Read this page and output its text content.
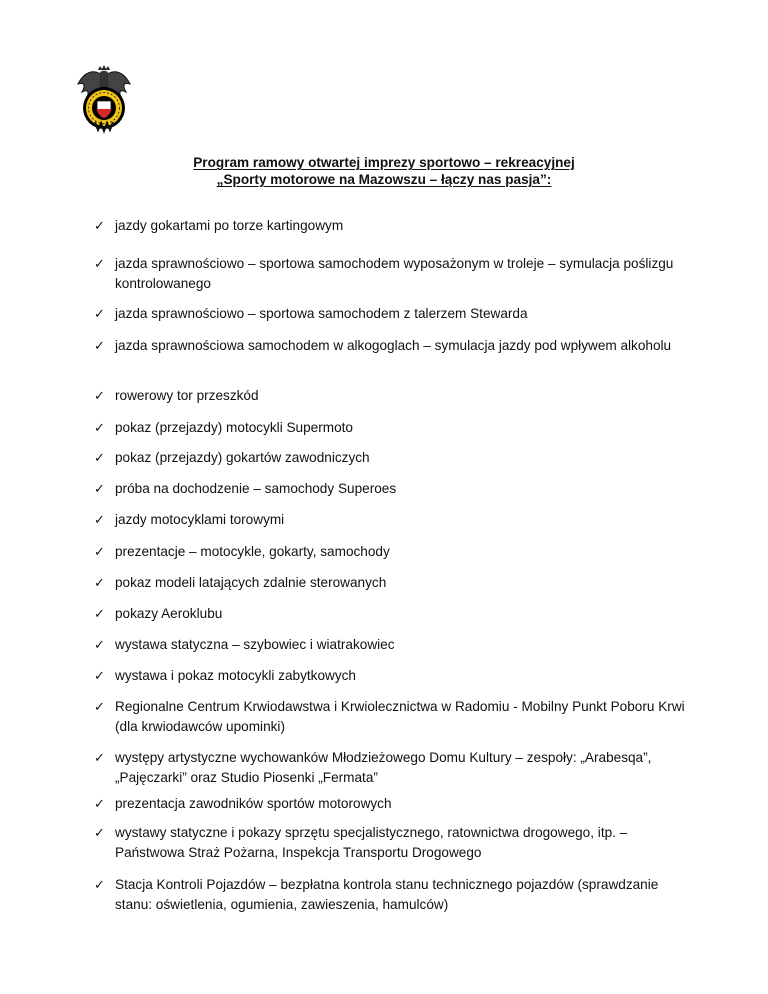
Program ramowy otwartej imprezy sportowo – rekreacyjnej
„Sporty motorowe na Mazowszu – łączy nas pasja”:
✓ jazdy gokartami po torze kartingowym
✓ jazda sprawnościowo – sportowa samochodem wyposażonym w troleje – symulacja poślizgu kontrolowanego
✓ jazda sprawnościowo – sportowa samochodem z talerzem Stewarda
✓ jazda sprawnościowa samochodem w alkogoglach – symulacja jazdy pod wpływem alkoholu
✓ rowerowy tor przeszkód
✓ pokaz (przejazdy) motocykli Supermoto
✓ pokaz (przejazdy) gokartów zawodniczych
✓ próba na dochodzenie – samochody Superoes
✓ jazdy motocyklami torowymi
✓ prezentacje – motocykle, gokarty, samochody
✓ pokaz modeli latających zdalnie sterowanych
✓ pokazy Aeroklubu
✓ wystawa statyczna – szybowiec i wiatrakowiec
✓ wystawa i pokaz motocykli zabytkowych
✓ Regionalne Centrum Krwiodawstwa i Krwiolecznictwa w Radomiu - Mobilny Punkt Poboru Krwi (dla krwiodawców upominki)
✓ występy artystyczne wychowanków Młodzieżowego Domu Kultury – zespoły: „Arabesqa”, „Pajęczarki” oraz Studio Piosenki „Fermata”
✓ prezentacja zawodników sportów motorowych
✓ wystawy statyczne i pokazy sprzętu specjalistycznego, ratownictwa drogowego, itp. – Państwowa Straż Pożarna, Inspekcja Transportu Drogowego
✓ Stacja Kontroli Pojazdów – bezpłatna kontrola stanu technicznego pojazdów (sprawdzanie stanu: oświetlenia, ogumienia, zawieszenia, hamulców)
